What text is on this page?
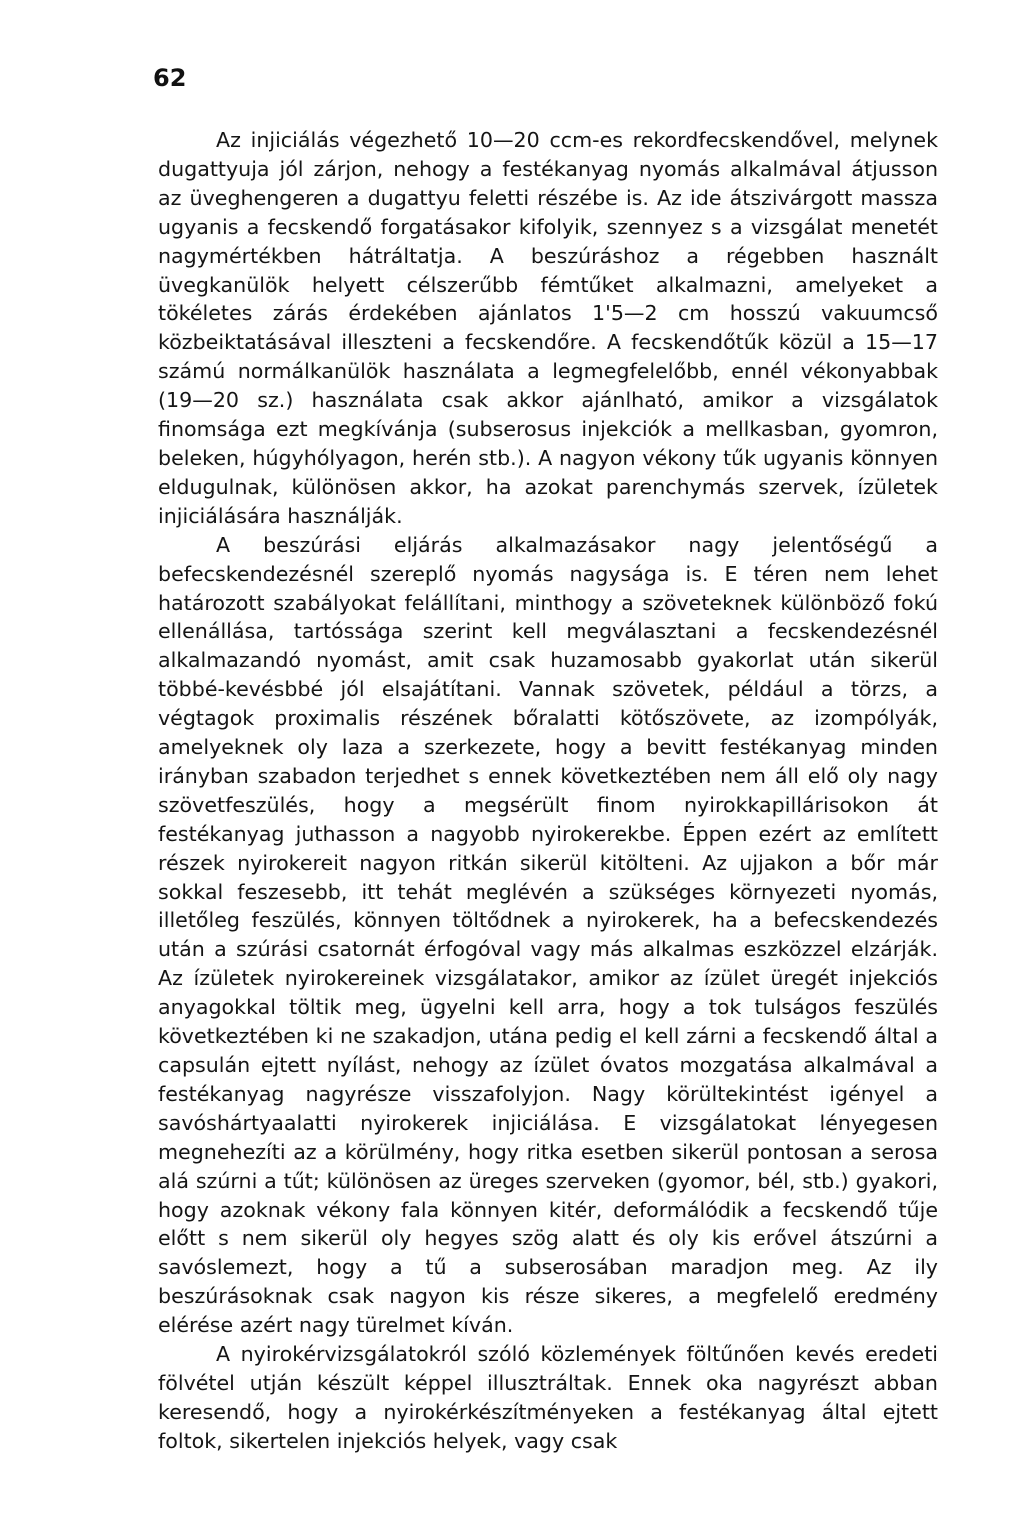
62

Az injiciálás végezhető 10—20 ccm-es rekordfecskendővel, melynek dugattyuja jól zárjon, nehogy a festékanyag nyomás alkalmával átjusson az üveghengeren a dugattyu feletti részébe is. Az ide átszivárgott massza ugyanis a fecskendő forgatásakor kifolyik, szennyez s a vizsgálat menetét nagymértékben hátráltatja. A beszúráshoz a régebben használt üvegkanülök helyett célszerűbb fémtűket alkalmazni, amelyeket a tökéletes zárás érdekében ajánlatos 1'5—2 cm hosszú vakuumcső közbeiktatásával illeszteni a fecskendőre. A fecskendőtűk közül a 15—17 számú normálkanülök használata a legmegfelelőbb, ennél vékonyabbak (19—20 sz.) használata csak akkor ajánlható, amikor a vizsgálatok finomsága ezt megkívánja (subserosus injekciók a mellkasban, gyomron, beleken, húgyhólyagon, herén stb.). A nagyon vékony tűk ugyanis könnyen eldugulnak, különösen akkor, ha azokat parenchymás szervek, ízületek injiciálására használják.

A beszúrási eljárás alkalmazásakor nagy jelentőségű a befecskendezésnél szereplő nyomás nagysága is. E téren nem lehet határozott szabályokat felállítani, minthogy a szöveteknek különböző fokú ellenállása, tartóssága szerint kell megválasztani a fecskendezésnél alkalmazandó nyomást, amit csak huzamosabb gyakorlat után sikerül többé-kevésbbé jól elsajátítani. Vannak szövetek, például a törzs, a végtagok proximalis részének bőralatti kötőszövete, az izompólyák, amelyeknek oly laza a szerkezete, hogy a bevitt festékanyag minden irányban szabadon terjedhet s ennek következtében nem áll elő oly nagy szövetfeszülés, hogy a megsérült finom nyirokkapillárisokon át festékanyag juthasson a nagyobb nyirokerekbe. Éppen ezért az említett részek nyirokereit nagyon ritkán sikerül kitölteni. Az ujjakon a bőr már sokkal feszesebb, itt tehát meglévén a szükséges környezeti nyomás, illetőleg feszülés, könnyen töltődnek a nyirokerek, ha a befecskendezés után a szúrási csatornát érfogóval vagy más alkalmas eszközzel elzárják. Az ízületek nyirokereinek vizsgálatakor, amikor az ízület üregét injekciós anyagokkal töltik meg, ügyelni kell arra, hogy a tok tulságos feszülés következtében ki ne szakadjon, utána pedig el kell zárni a fecskendő által a capsulán ejtett nyílást, nehogy az ízület óvatos mozgatása alkalmával a festékanyag nagyrésze visszafolyjon. Nagy körültekintést igényel a savóshártyaalatti nyirokerek injiciálása. E vizsgálatokat lényegesen megnehezíti az a körülmény, hogy ritka esetben sikerül pontosan a serosa alá szúrni a tűt; különösen az üreges szerveken (gyomor, bél, stb.) gyakori, hogy azoknak vékony fala könnyen kitér, deformálódik a fecskendő tűje előtt s nem sikerül oly hegyes szög alatt és oly kis erővel átszúrni a savóslemezt, hogy a tű a subserosában maradjon meg. Az ily beszúrásoknak csak nagyon kis része sikeres, a megfelelő eredmény elérése azért nagy türelmet kíván.

A nyirokérvizsgálatokról szóló közlemények föltűnően kevés eredeti fölvétel utján készült képpel illusztráltak. Ennek oka nagyrészt abban keresendő, hogy a nyirokérkészítményeken a festékanyag által ejtett foltok, sikertelen injekciós helyek, vagy csak
